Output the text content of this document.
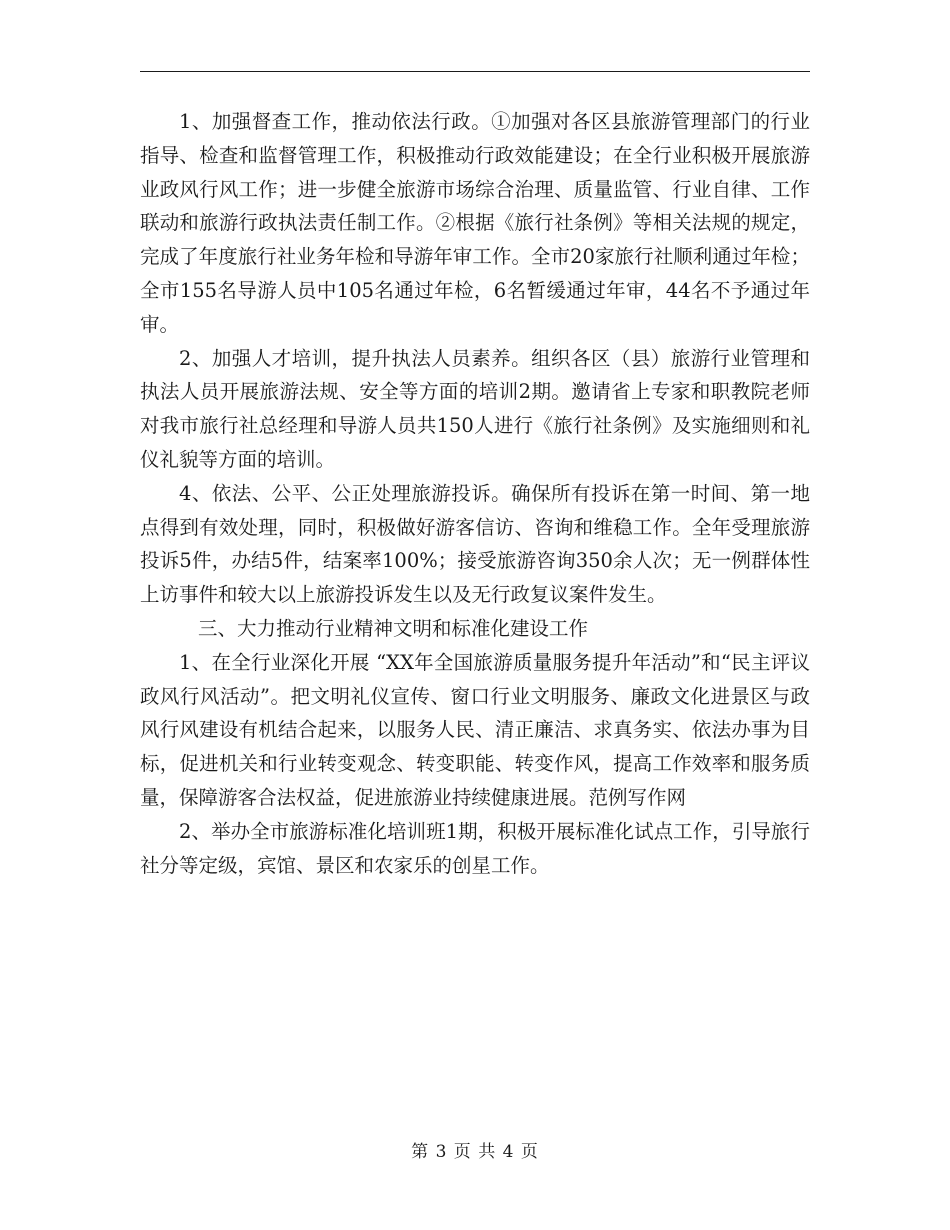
1、加强督查工作，推动依法行政。①加强对各区县旅游管理部门的行业指导、检查和监督管理工作，积极推动行政效能建设；在全行业积极开展旅游业政风行风工作；进一步健全旅游市场综合治理、质量监管、行业自律、工作联动和旅游行政执法责任制工作。②根据《旅行社条例》等相关法规的规定，完成了年度旅行社业务年检和导游年审工作。全市20家旅行社顺利通过年检；全市155名导游人员中105名通过年检，6名暂缓通过年审，44名不予通过年审。

2、加强人才培训，提升执法人员素养。组织各区（县）旅游行业管理和执法人员开展旅游法规、安全等方面的培训2期。邀请省上专家和职教院老师对我市旅行社总经理和导游人员共150人进行《旅行社条例》及实施细则和礼仪礼貌等方面的培训。

4、依法、公平、公正处理旅游投诉。确保所有投诉在第一时间、第一地点得到有效处理，同时，积极做好游客信访、咨询和维稳工作。全年受理旅游投诉5件，办结5件，结案率100%；接受旅游咨询350余人次；无一例群体性上访事件和较大以上旅游投诉发生以及无行政复议案件发生。

三、大力推动行业精神文明和标准化建设工作

1、在全行业深化开展 “XX年全国旅游质量服务提升年活动”和“民主评议政风行风活动”。把文明礼仪宣传、窗口行业文明服务、廉政文化进景区与政风行风建设有机结合起来，以服务人民、清正廉洁、求真务实、依法办事为目标，促进机关和行业转变观念、转变职能、转变作风，提高工作效率和服务质量，保障游客合法权益，促进旅游业持续健康进展。范例写作网

2、举办全市旅游标准化培训班1期，积极开展标准化试点工作，引导旅行社分等定级，宾馆、景区和农家乐的创星工作。

第 3 页 共 4 页
